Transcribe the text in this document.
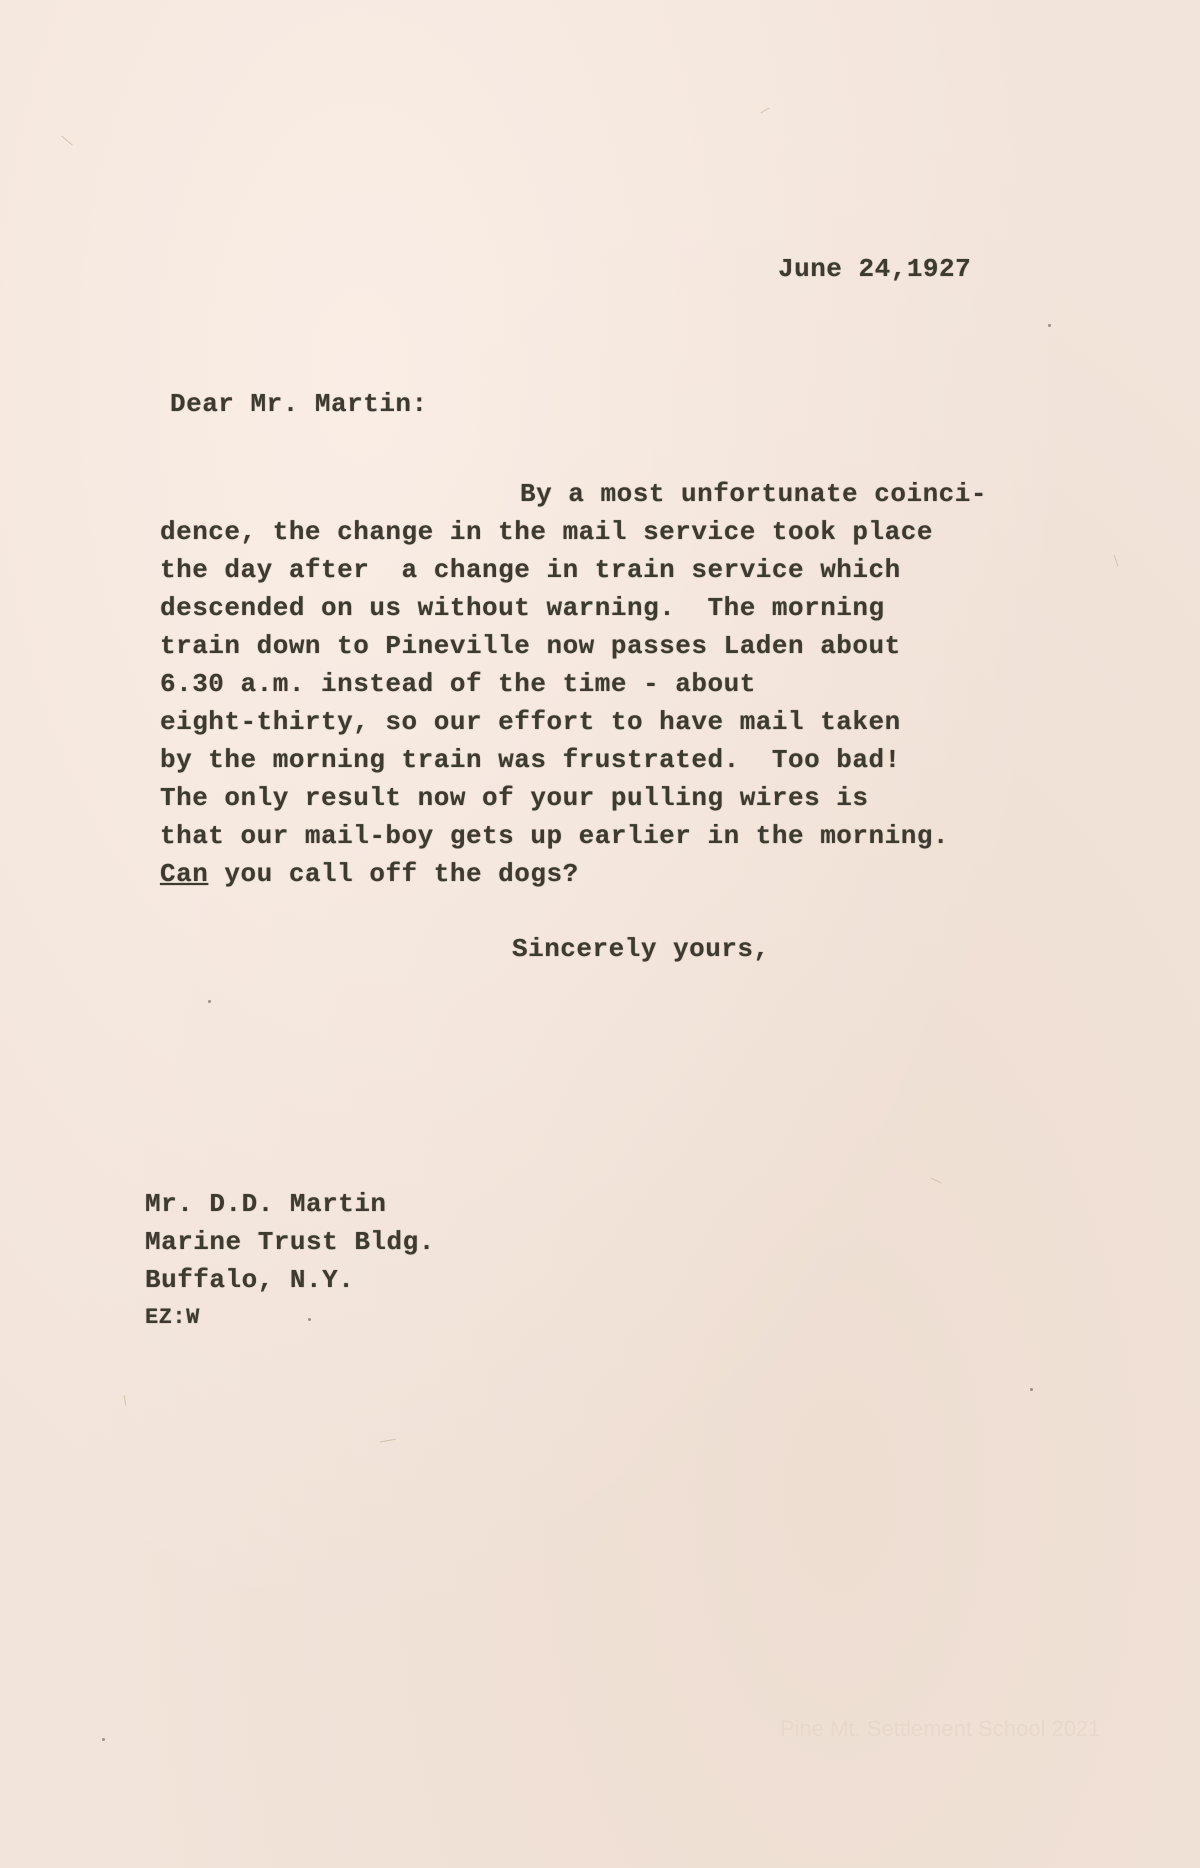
June 24,1927
Dear Mr. Martin:
By a most unfortunate coinci-
dence, the change in the mail service took place
the day after  a change in train service which
descended on us without warning.  The morning
train down to Pineville now passes Laden about
6.30 a.m. instead of the time - about
eight-thirty, so our effort to have mail taken
by the morning train was frustrated.  Too bad!
The only result now of your pulling wires is
that our mail-boy gets up earlier in the morning.
Can you call off the dogs?
Sincerely yours,
Mr. D.D. Martin
Marine Trust Bldg.
Buffalo, N.Y.
EZ:W
Pine Mt. Settlement School 2021
